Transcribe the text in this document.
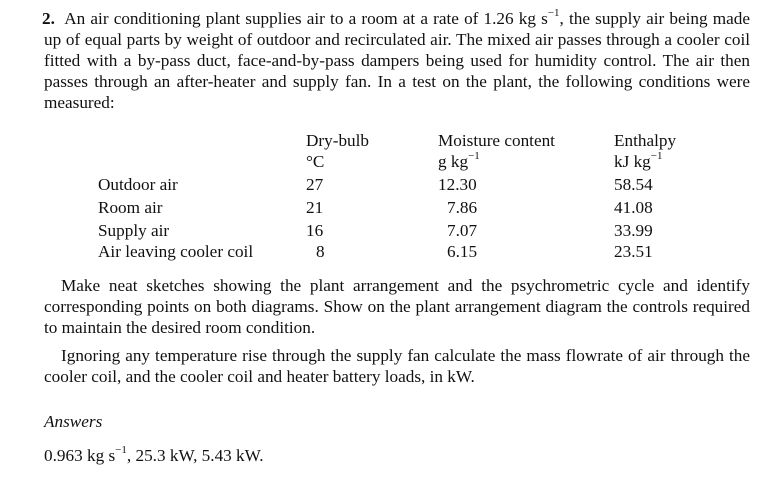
2. An air conditioning plant supplies air to a room at a rate of 1.26 kg $s^{-1}$, the supply air being made up of equal parts by weight of outdoor and recirculated air. The mixed air passes through a cooler coil fitted with a by-pass duct, face-and-by-pass dampers being used for humidity control. The air then passes through an after-heater and supply fan. In a test on the plant, the following conditions were measured:

Dry-bulb
°C
Moisture content
g $kg^{-1}$
Enthalpy
kJ $kg^{-1}$
Outdoor air
Room air
Supply air
Air leaving cooler coil
27
21
16
8
12.30
7.86
7.07
6.15
58.54
41.08
33.99
23.51

Make neat sketches showing the plant arrangement and the psychrometric cycle and identify corresponding points on both diagrams. Show on the plant arrangement diagram the controls required to maintain the desired room condition.

Ignoring any temperature rise through the supply fan calculate the mass flowrate of air through the cooler coil, and the cooler coil and heater battery loads, in kW.

Answers
0.963 kg $s^{-1}$, 25.3 kW, 5.43 kW.
